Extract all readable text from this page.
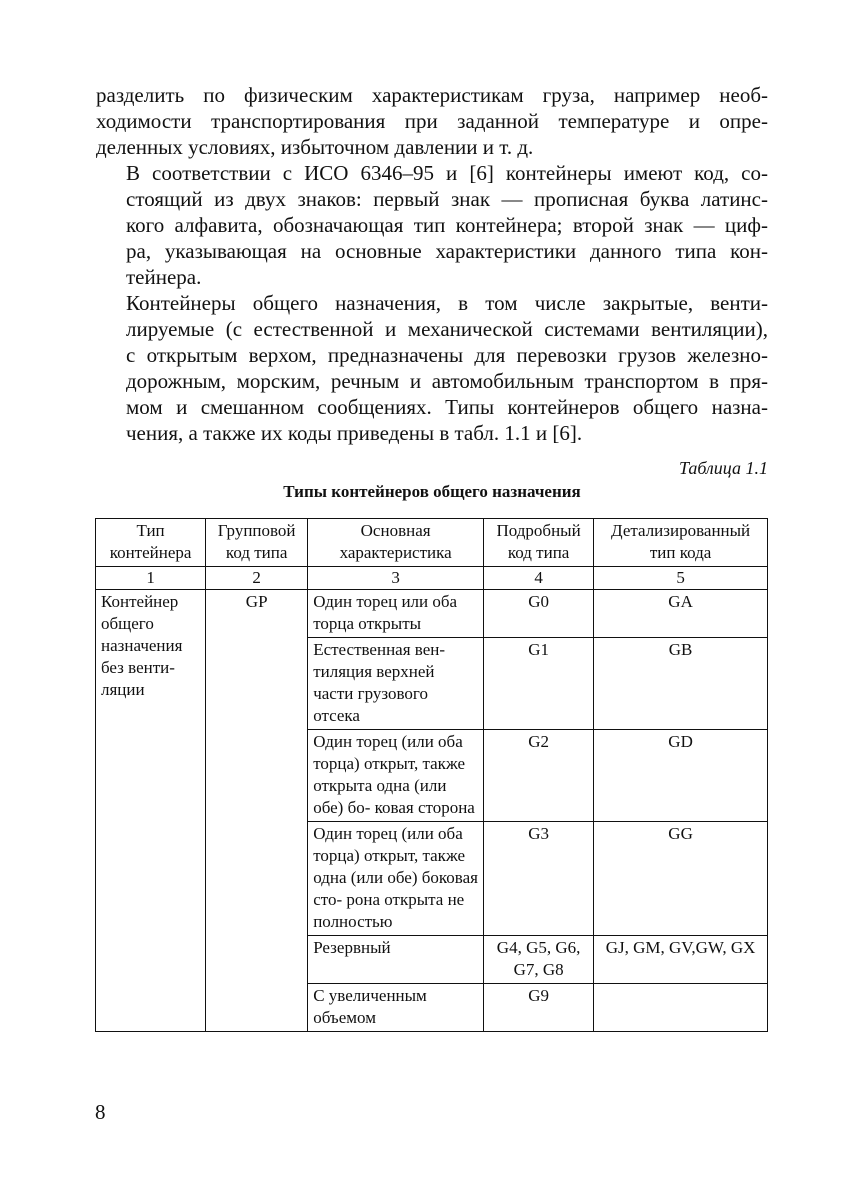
разделить по физическим характеристикам груза, например необ-
ходимости транспортирования при заданной температуре и опре-
деленных условиях, избыточном давлении и т. д.

В соответствии с ИСО 6346–95 и [6] контейнеры имеют код, со-
стоящий из двух знаков: первый знак — прописная буква латинс-
кого алфавита, обозначающая тип контейнера; второй знак — циф-
ра, указывающая на основные характеристики данного типа кон-
тейнера.

Контейнеры общего назначения, в том числе закрытые, венти-
лируемые (с естественной и механической системами вентиляции),
с открытым верхом, предназначены для перевозки грузов железно-
дорожным, морским, речным и автомобильным транспортом в пря-
мом и смешанном сообщениях. Типы контейнеров общего назна-
чения, а также их коды приведены в табл. 1.1 и [6].

Таблица 1.1
Типы контейнеров общего назначения
Тип контейнера	Групповой код типа	Основная характеристика	Подробный код типа	Детализированный тип кода
1	2	3	4	5
Контейнер общего назначения без венти- ляции	GP	Один торец или оба торца открыты	G0	GA
		Естественная вен- тиляция верхней части грузового отсека	G1	GB
		Один торец (или оба торца) открыт, также открыта одна (или обе) бо- ковая сторона	G2	GD
		Один торец (или оба торца) открыт, также одна (или обе) боковая сто- рона открыта не полностью	G3	GG
		Резервный	G4, G5, G6, G7, G8	GJ, GM, GV,GW, GX
		С увеличенным объемом	G9	
8
